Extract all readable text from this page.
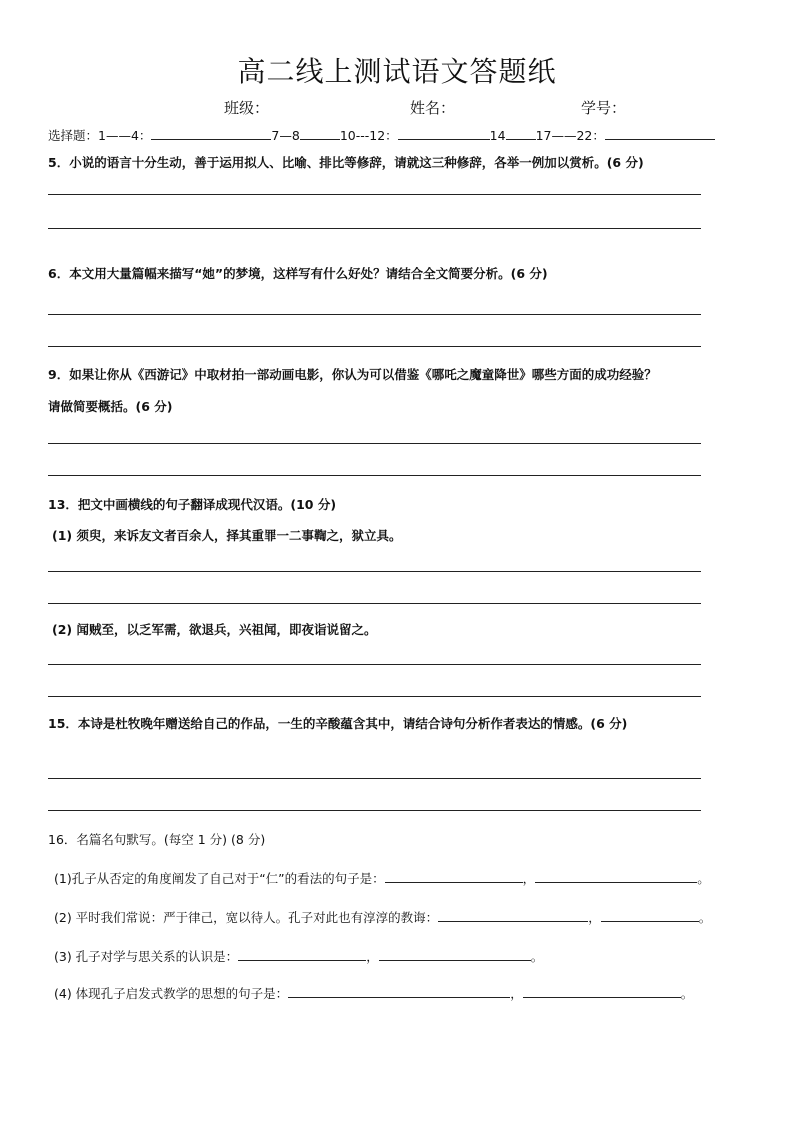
高二线上测试语文答题纸
班级：	姓名：	学号：
选择题：1——4：	7—8	10---12：	14 17——22：
5．小说的语言十分生动，善于运用拟人、比喻、排比等修辞，请就这三种修辞，各举一例加以赏析。(6 分)
6．本文用大量篇幅来描写“她”的梦境，这样写有什么好处？请结合全文简要分析。(6 分)
9．如果让你从《西游记》中取材拍一部动画电影，你认为可以借鉴《哪吒之魔童降世》哪些方面的成功经验？
请做简要概括。(6 分)
13．把文中画横线的句子翻译成现代汉语。(10 分)
(1) 须臾，来诉友文者百余人，择其重罪一二事鞫之，狱立具。
(2) 闻贼至，以乏军需，欲退兵，兴祖闻，即夜诣说留之。
15．本诗是杜牧晚年赠送给自己的作品，一生的辛酸蕴含其中，请结合诗句分析作者表达的情感。(6 分)
16．名篇名句默写。(每空 1 分) (8 分)
(1)孔子从否定的角度阐发了自己对于“仁”的看法的句子是：	，	。
(2) 平时我们常说：严于律己，宽以待人。孔子对此也有淳淳的教诲：	，	。
(3) 孔子对学与思关系的认识是：	，	。
(4) 体现孔子启发式教学的思想的句子是：	，	。
